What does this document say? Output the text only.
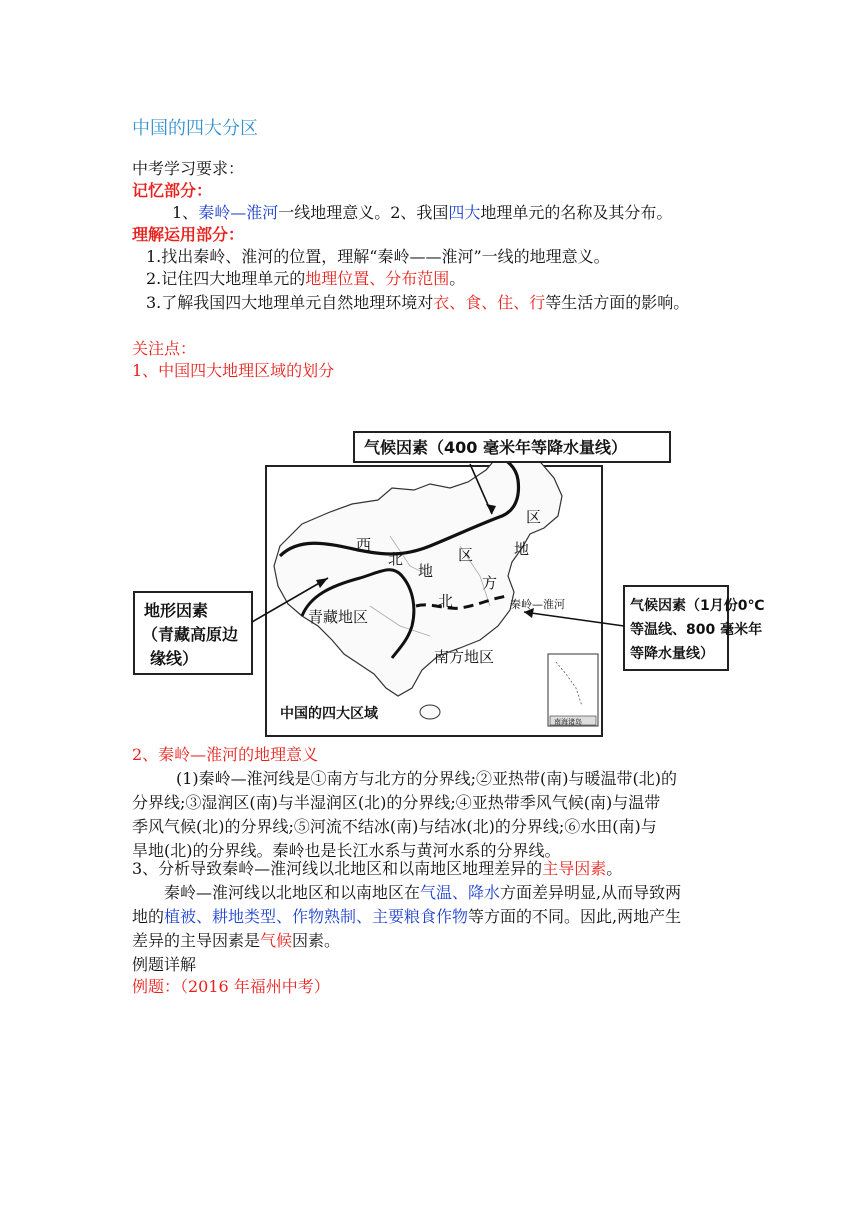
中国的四大分区
中考学习要求：
记忆部分：
1、秦岭—淮河一线地理意义。2、我国四大地理单元的名称及其分布。
理解运用部分：
1.找出秦岭、淮河的位置，理解“秦岭——淮河”一线的地理意义。
2.记住四大地理单元的地理位置、分布范围。
3.了解我国四大地理单元自然地理环境对衣、食、住、行等生活方面的影响。
关注点：
1、中国四大地理区域的划分
西
北
地
区
区
地
方
北
青藏地区
南方地区
秦岭—淮河
南海诸岛
中国的四大区域
气候因素（400 毫米年等降水量线）
地形因素
（青藏高原边
缘线）
气候因素（1月份0℃
等温线、800 毫米年
等降水量线）
2、秦岭—淮河的地理意义
(1)秦岭—淮河线是①南方与北方的分界线;②亚热带(南)与暖温带(北)的
分界线;③湿润区(南)与半湿润区(北)的分界线;④亚热带季风气候(南)与温带
季风气候(北)的分界线;⑤河流不结冰(南)与结冰(北)的分界线;⑥水田(南)与
旱地(北)的分界线。秦岭也是长江水系与黄河水系的分界线。
3、分析导致秦岭—淮河线以北地区和以南地区地理差异的主导因素。
秦岭—淮河线以北地区和以南地区在气温、降水方面差异明显,从而导致两
地的植被、耕地类型、作物熟制、主要粮食作物等方面的不同。因此,两地产生
差异的主导因素是气候因素。
例题详解
例题：（2016 年福州中考）
